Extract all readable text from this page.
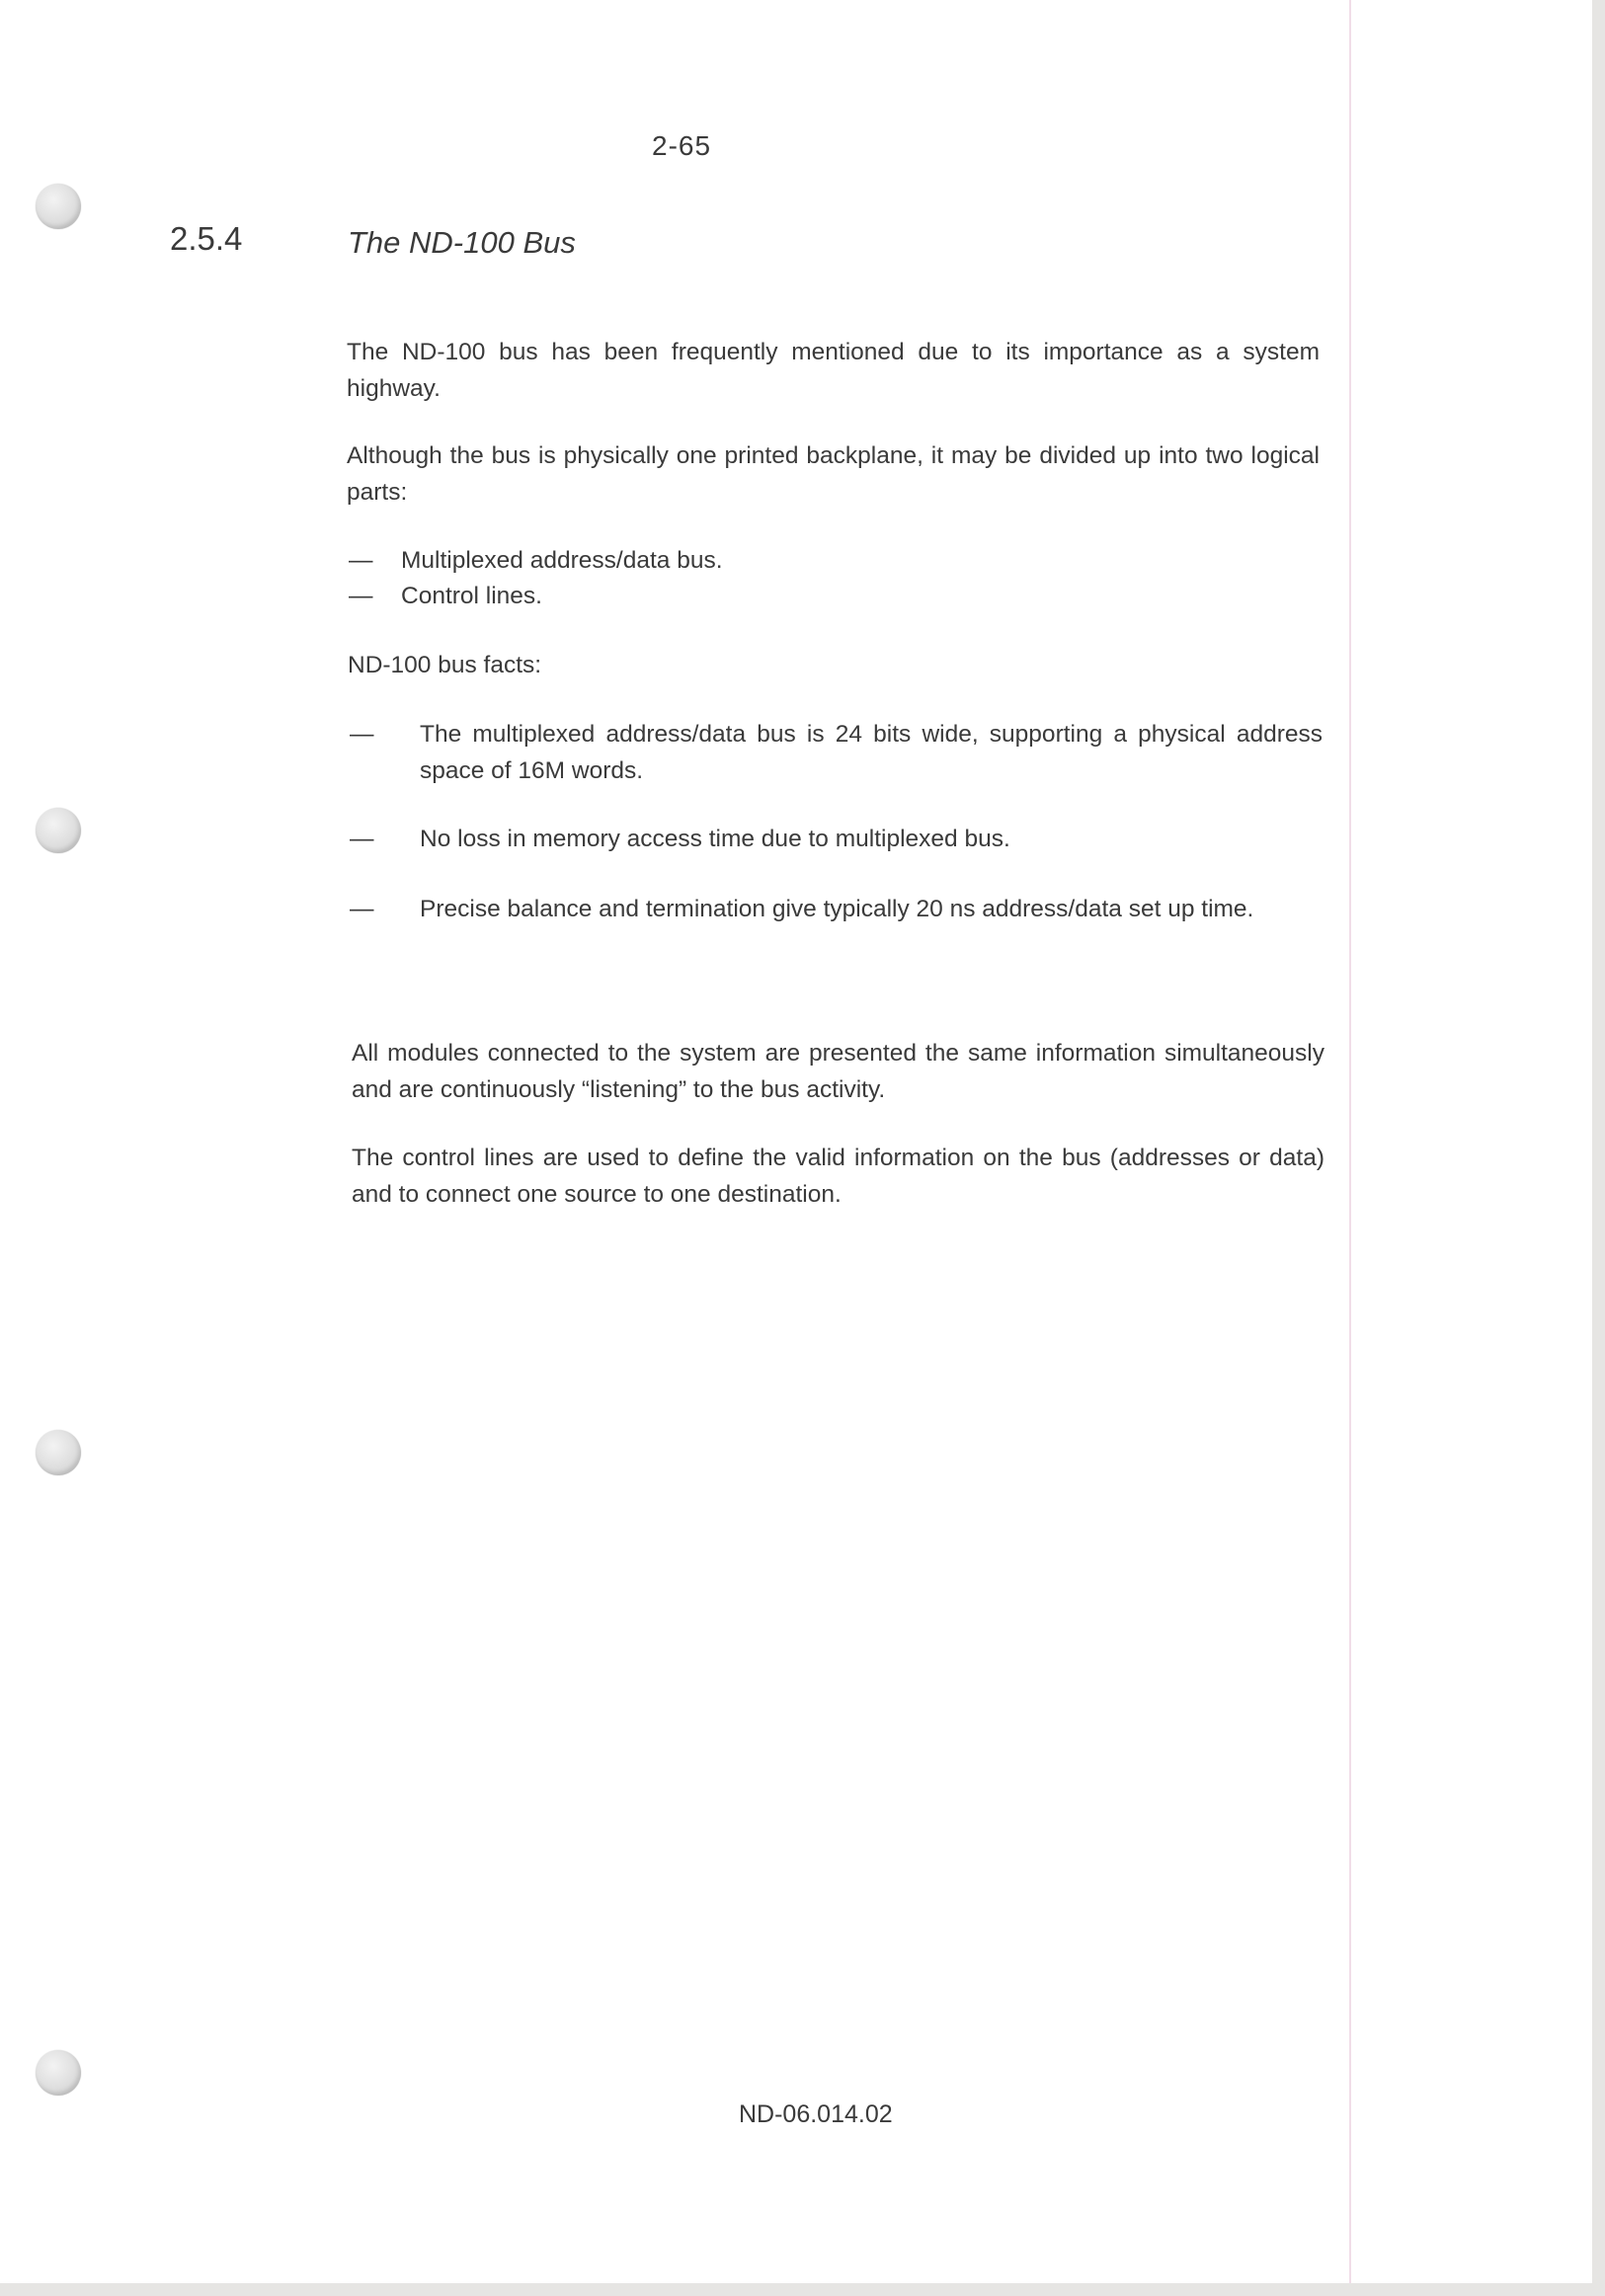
2-65
2.5.4	The ND-100 Bus

The ND-100 bus has been frequently mentioned due to its importance as a system highway.

Although the bus is physically one printed backplane, it may be divided up into two logical parts:

— Multiplexed address/data bus.
— Control lines.

ND-100 bus facts:

— The multiplexed address/data bus is 24 bits wide, supporting a physical address space of 16M words.
— No loss in memory access time due to multiplexed bus.
— Precise balance and termination give typically 20 ns address/data set up time.

All modules connected to the system are presented the same information simultaneously and are continuously “listening” to the bus activity.

The control lines are used to define the valid information on the bus (addresses or data) and to connect one source to one destination.

ND-06.014.02
